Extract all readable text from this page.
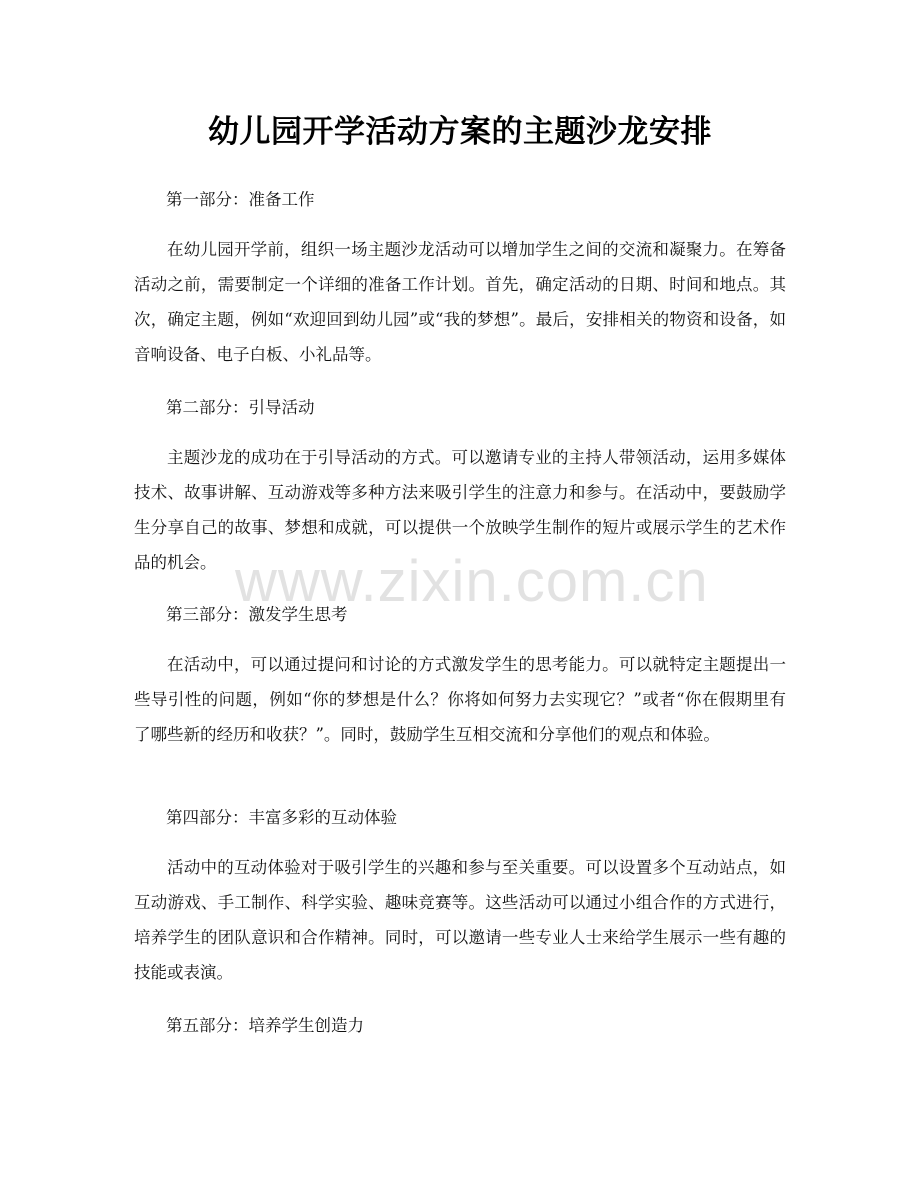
幼儿园开学活动方案的主题沙龙安排

第一部分：准备工作

在幼儿园开学前，组织一场主题沙龙活动可以增加学生之间的交流和凝聚力。在筹备活动之前，需要制定一个详细的准备工作计划。首先，确定活动的日期、时间和地点。其次，确定主题，例如“欢迎回到幼儿园”或“我的梦想”。最后，安排相关的物资和设备，如音响设备、电子白板、小礼品等。

第二部分：引导活动

主题沙龙的成功在于引导活动的方式。可以邀请专业的主持人带领活动，运用多媒体技术、故事讲解、互动游戏等多种方法来吸引学生的注意力和参与。在活动中，要鼓励学生分享自己的故事、梦想和成就，可以提供一个放映学生制作的短片或展示学生的艺术作品的机会。

第三部分：激发学生思考

在活动中，可以通过提问和讨论的方式激发学生的思考能力。可以就特定主题提出一些导引性的问题，例如“你的梦想是什么？你将如何努力去实现它？”或者“你在假期里有了哪些新的经历和收获？”。同时，鼓励学生互相交流和分享他们的观点和体验。

第四部分：丰富多彩的互动体验

活动中的互动体验对于吸引学生的兴趣和参与至关重要。可以设置多个互动站点，如互动游戏、手工制作、科学实验、趣味竞赛等。这些活动可以通过小组合作的方式进行，培养学生的团队意识和合作精神。同时，可以邀请一些专业人士来给学生展示一些有趣的技能或表演。

第五部分：培养学生创造力

www.zixin.com.cn
